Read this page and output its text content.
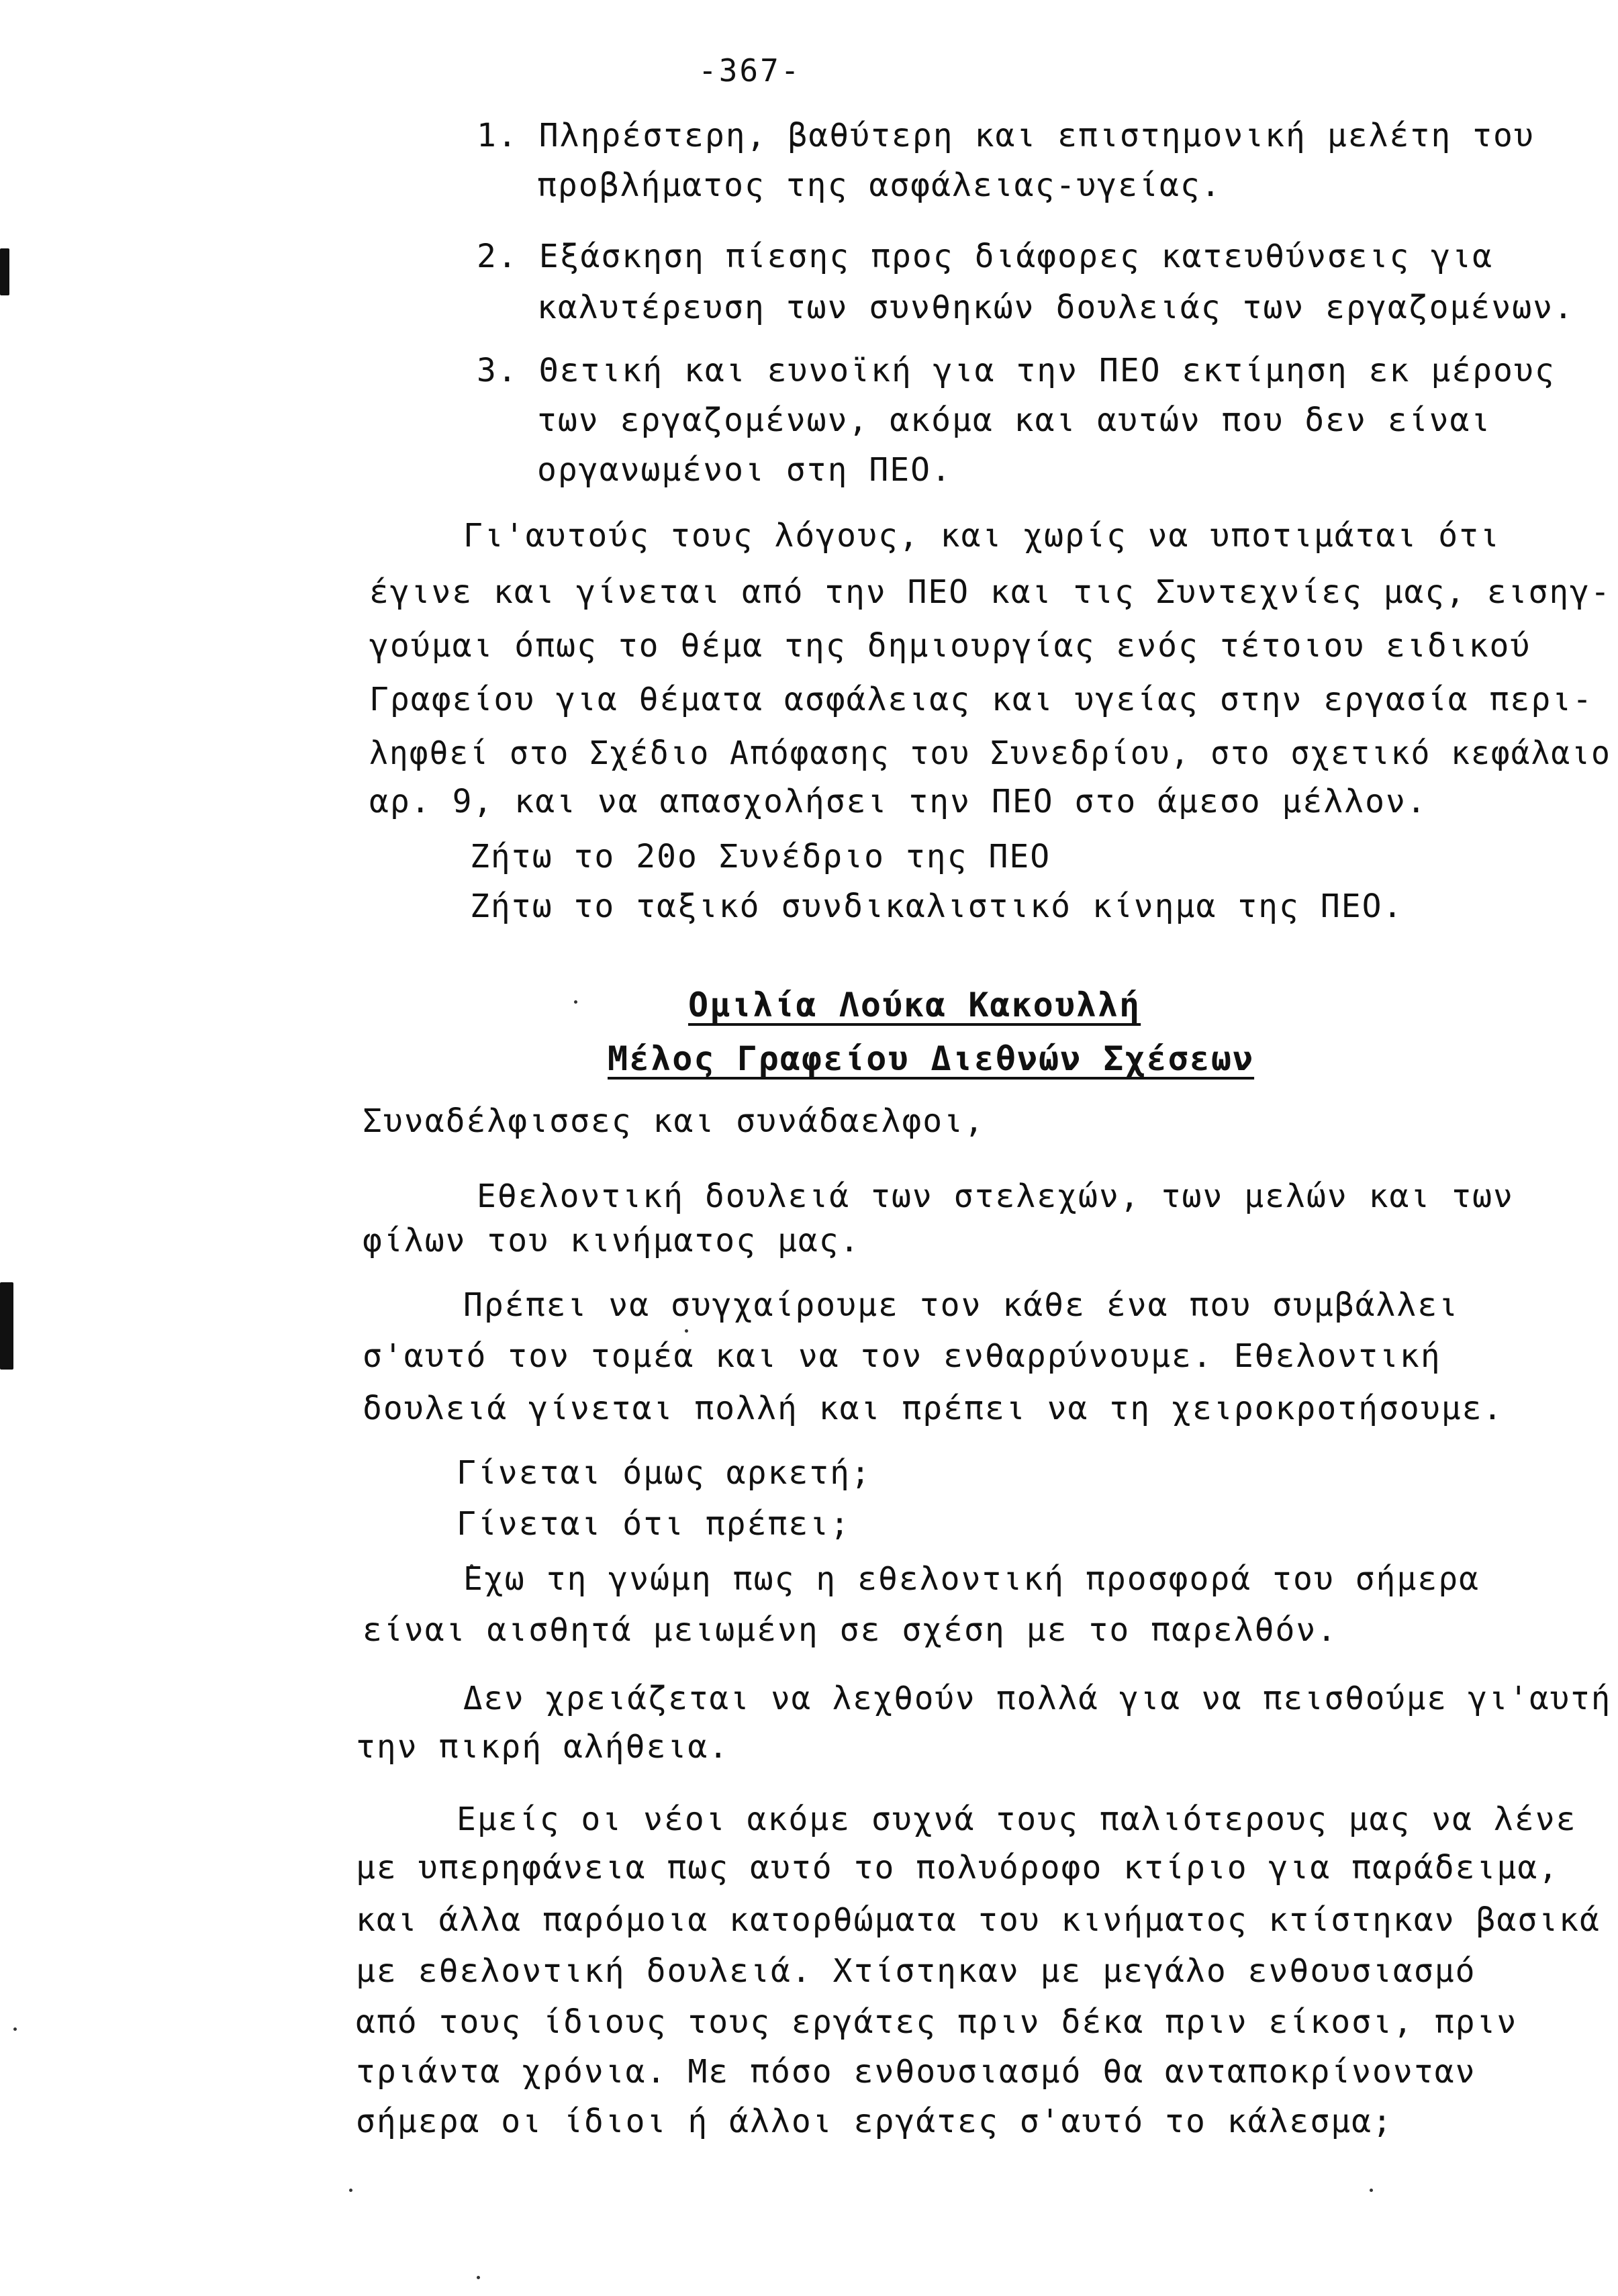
-367-
1. Πληρέστερη, βαθύτερη και επιστημονική μελέτη του
προβλήματος της ασφάλειας-υγείας.
2. Εξάσκηση πίεσης προς διάφορες κατευθύνσεις για
καλυτέρευση των συνθηκών δουλειάς των εργαζομένων.
3. Θετική και ευνοϊκή για την ΠΕΟ εκτίμηση εκ μέρους
των εργαζομένων, ακόμα και αυτών που δεν είναι
οργανωμένοι στη ΠΕΟ.
Γι'αυτούς τους λόγους, και χωρίς να υποτιμάται ότι
έγινε και γίνεται από την ΠΕΟ και τις Συντεχνίες μας, εισηγ-
γούμαι όπως το θέμα της δημιουργίας ενός τέτοιου ειδικού
Γραφείου για θέματα ασφάλειας και υγείας στην εργασία περι-
ληφθεί στο Σχέδιο Απόφασης του Συνεδρίου, στο σχετικό κεφάλαιο
αρ. 9, και να απασχολήσει την ΠΕΟ στο άμεσο μέλλον.
Ζήτω το 20ο Συνέδριο της ΠΕΟ
Ζήτω το ταξικό συνδικαλιστικό κίνημα της ΠΕΟ.
Ομιλία Λούκα Κακουλλή
Μέλος Γραφείου Διεθνών Σχέσεων
Συναδέλφισσες και συνάδαελφοι,
Εθελοντική δουλειά των στελεχών, των μελών και των
φίλων του κινήματος μας.
Πρέπει να συγχαίρουμε τον κάθε ένα που συμβάλλει
σ'αυτό τον τομέα και να τον ενθαρρύνουμε. Εθελοντική
δουλειά γίνεται πολλή και πρέπει να τη χειροκροτήσουμε.
Γίνεται όμως αρκετή;
Γίνεται ότι πρέπει;
Εχω τη γνώμη πως η εθελοντική προσφορά του σήμερα
είναι αισθητά μειωμένη σε σχέση με το παρελθόν.
Δεν χρειάζεται να λεχθούν πολλά για να πεισθούμε γι'αυτή
την πικρή αλήθεια.
Εμείς οι νέοι ακόμε συχνά τους παλιότερους μας να λένε
με υπερηφάνεια πως αυτό το πολυόροφο κτίριο για παράδειμα,
και άλλα παρόμοια κατορθώματα του κινήματος κτίστηκαν βασικά
με εθελοντική δουλειά. Χτίστηκαν με μεγάλο ενθουσιασμό
από τους ίδιους τους εργάτες πριν δέκα πριν είκοσι, πριν
τριάντα χρόνια. Με πόσο ενθουσιασμό θα ανταποκρίνονταν
σήμερα οι ίδιοι ή άλλοι εργάτες σ'αυτό το κάλεσμα;
